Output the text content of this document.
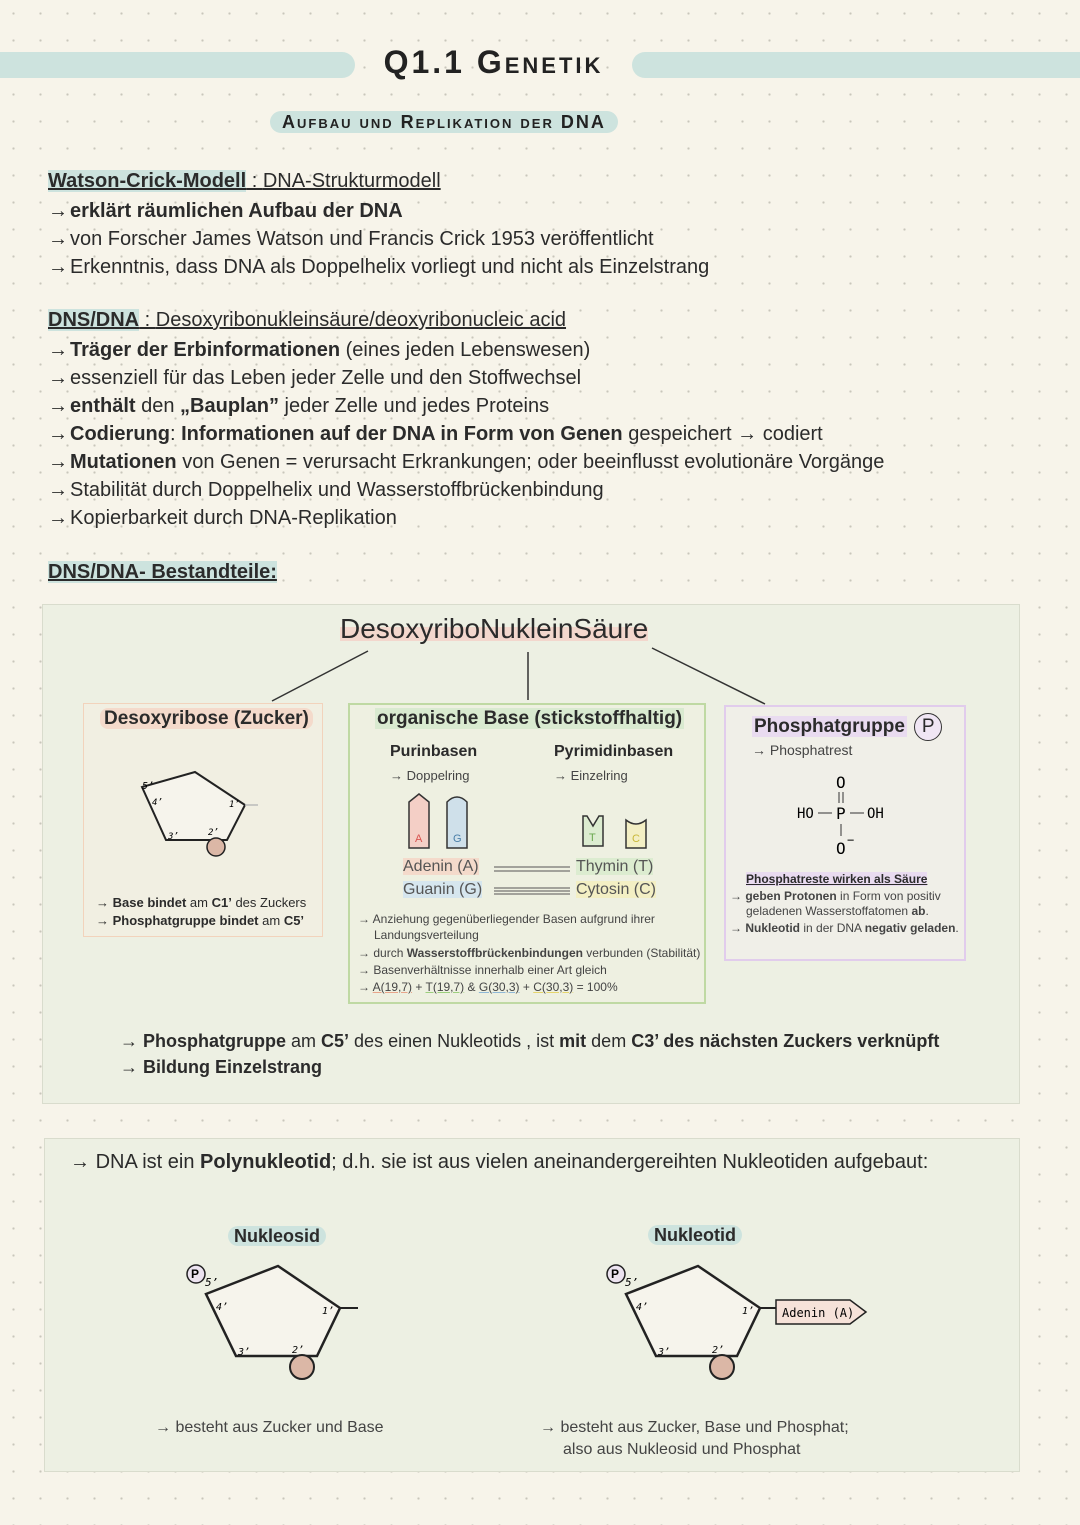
Q1.1 Genetik
Aufbau und Replikation der DNA
Watson-Crick-Modell : DNA-Strukturmodell
→ erklärt räumlichen Aufbau der DNA
→ von Forscher James Watson und Francis Crick 1953 veröffentlicht
→ Erkenntnis, dass DNA als Doppelhelix vorliegt und nicht als Einzelstrang
DNS/DNA : Desoxyribonukleinsäure/deoxyribonucleic acid
→ Träger der Erbinformationen (eines jeden Lebenswesen)
→ essenziell für das Leben jeder Zelle und den Stoffwechsel
→ enthält den „Bauplan” jeder Zelle und jedes Proteins
→ Codierung: Informationen auf der DNA in Form von Genen gespeichert → codiert
→ Mutationen von Genen = verursacht Erkrankungen; oder beeinflusst evolutionäre Vorgänge
→ Stabilität durch Doppelhelix und Wasserstoffbrückenbindung
→ Kopierbarkeit durch DNA-Replikation
DNS/DNA- Bestandteile:
DesoxyriboNukleinSäure
Desoxyribose (Zucker)
5’
4’
3’	2’
1’
→ Base bindet am C1’ des Zuckers
→ Phosphatgruppe bindet am C5’
organische Base (stickstoffhaltig)
Purinbasen
→ Doppelring
Pyrimidinbasen
→ Einzelring
A	G	T	C
Adenin (A)
Guanin (G)
Thymin (T)
Cytosin (C)
→ Anziehung gegenüberliegender Basen aufgrund ihrer
Landungsverteilung
→ durch Wasserstoffbrückenbindungen verbunden (Stabilität)
→ Basenverhältnisse innerhalb einer Art gleich
→ A(19,7) + T(19,7) & G(30,3) + C(30,3) = 100%
Phosphatgruppe P
→ Phosphatrest
O
HO P OH
O −
Phosphatreste wirken als Säure
→ geben Protonen in Form von positiv
geladenen Wasserstoffatomen ab.
→ Nukleotid in der DNA negativ geladen.
→ Phosphatgruppe am C5’ des einen Nukleotids , ist mit dem C3’ des nächsten Zuckers verknüpft
→ Bildung Einzelstrang
→ DNA ist ein Polynukleotid; d.h. sie ist aus vielen aneinandergereihten Nukleotiden aufgebaut:
Nukleosid	Nukleotid
P
5’
4’
3’	2’
1’	Adenin (A)
P
5’
4’
3’	2’
1’
→ besteht aus Zucker und Base	→ besteht aus Zucker, Base und Phosphat;
also aus Nukleosid und Phosphat
